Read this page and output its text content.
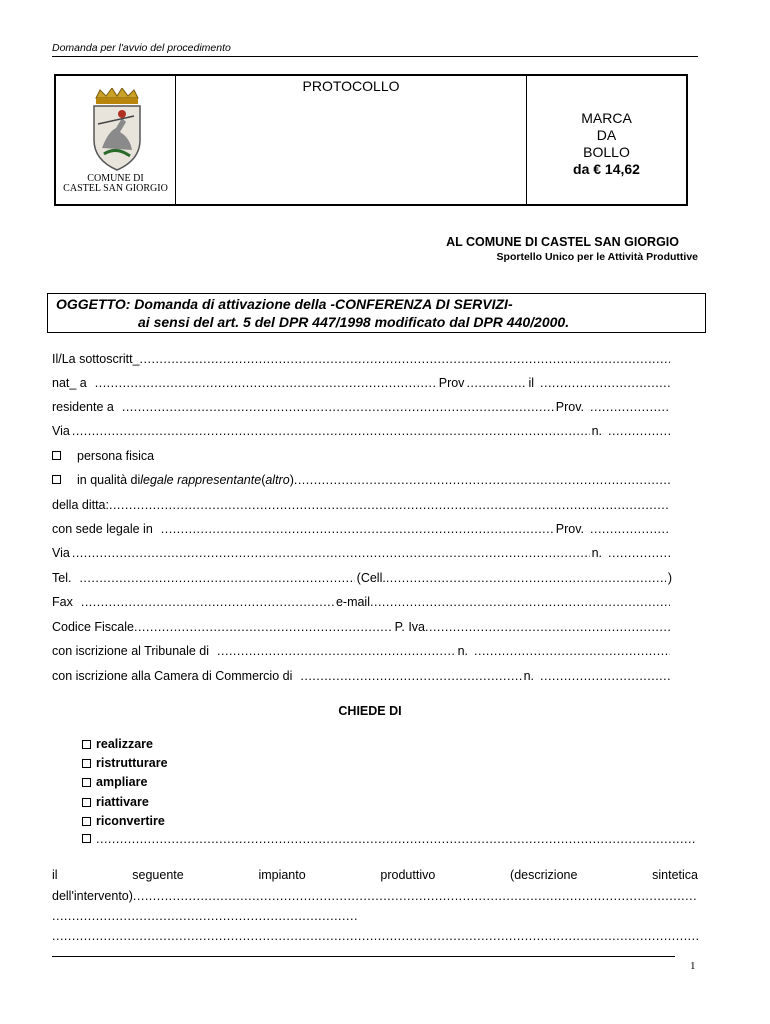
Domanda per l'avvio del procedimento
COMUNE DI
CASTEL SAN GIORGIO
PROTOCOLLO
MARCA
DA
BOLLO
da € 14,62
AL COMUNE DI CASTEL SAN GIORGIO
Sportello Unico per le Attività Produttive
OGGETTO: Domanda di attivazione della -CONFERENZA DI SERVIZI-
ai sensi del art. 5 del DPR 447/1998 modificato dal DPR 440/2000.
Il/La sottoscritt_
.....
nat_ a .....	Prov .....	il
.....
residente a .....	Prov.
.....
Via .....	n.
.....
persona fisica
in qualità di legale rappresentante ( altro )
.....
della ditta:
.....
con sede legale in .....	Prov.
.....
Via .....	n.
.....
Tel. .....	(Cell. .....	)
Fax .....	e-mail
.....
Codice Fiscale .....	P. Iva
.....
con iscrizione al Tribunale di .....	n.
.....
con iscrizione alla Camera di Commercio di .....	n.
.....
CHIEDE DI
realizzare
ristrutturare
ampliare
riattivare
riconvertire
.....
il	seguente	impianto	produttivo	(descrizione	sintetica
dell'intervento)
.....
.....
.....
1
